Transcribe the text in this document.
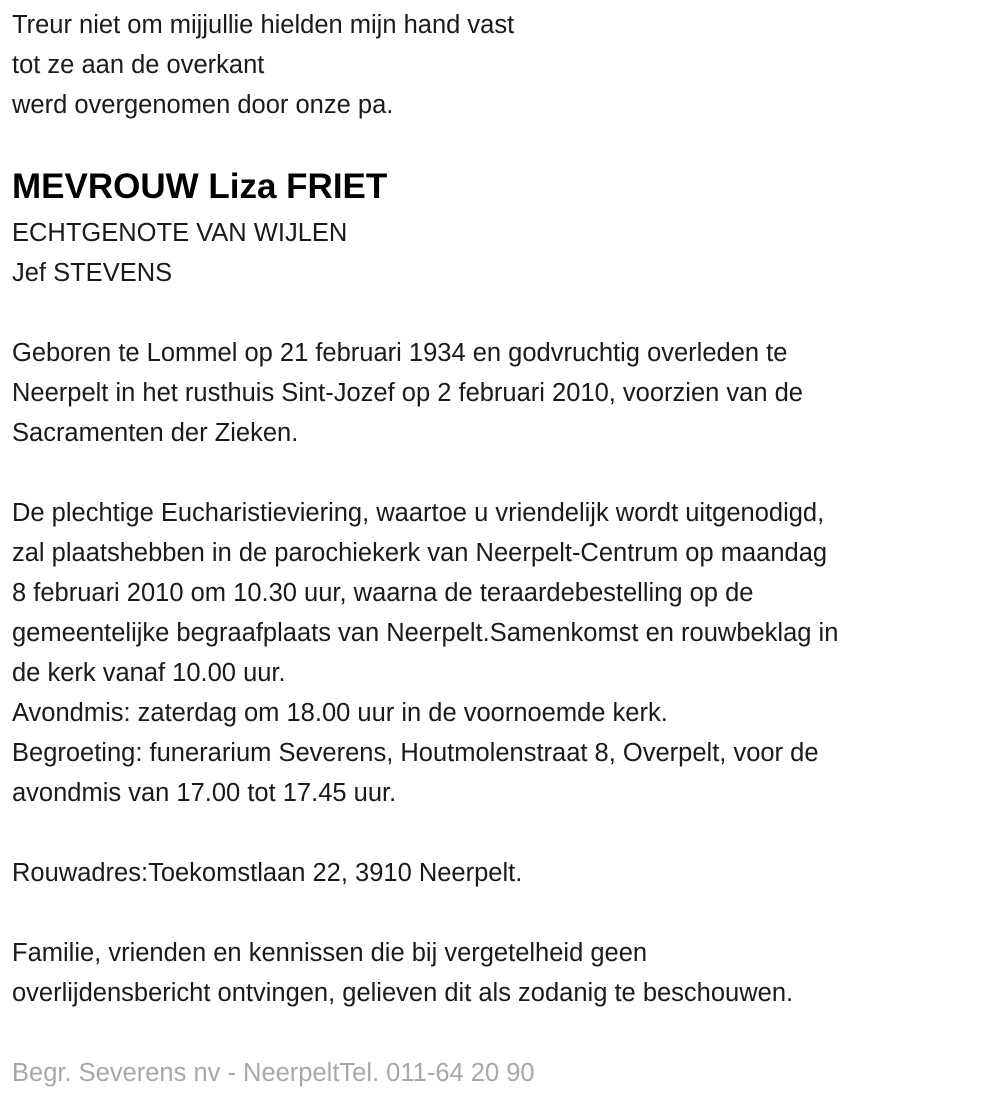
Treur niet om mijjullie hielden mijn hand vast
tot ze aan de overkant
werd overgenomen door onze pa.
MEVROUW Liza FRIET
ECHTGENOTE VAN WIJLEN
Jef STEVENS
Geboren te Lommel op 21 februari 1934 en godvruchtig overleden te
Neerpelt in het rusthuis Sint-Jozef op 2 februari 2010, voorzien van de
Sacramenten der Zieken.
De plechtige Eucharistieviering, waartoe u vriendelijk wordt uitgenodigd,
zal plaatshebben in de parochiekerk van Neerpelt-Centrum op maandag
8 februari 2010 om 10.30 uur, waarna de teraardebestelling op de
gemeentelijke begraafplaats van Neerpelt.Samenkomst en rouwbeklag in
de kerk vanaf 10.00 uur.
Avondmis: zaterdag om 18.00 uur in de voornoemde kerk.
Begroeting: funerarium Severens, Houtmolenstraat 8, Overpelt, voor de
avondmis van 17.00 tot 17.45 uur.
Rouwadres:Toekomstlaan 22, 3910 Neerpelt.
Familie, vrienden en kennissen die bij vergetelheid geen
overlijdensbericht ontvingen, gelieven dit als zodanig te beschouwen.
Begr. Severens nv - NeerpeltTel. 011-64 20 90
